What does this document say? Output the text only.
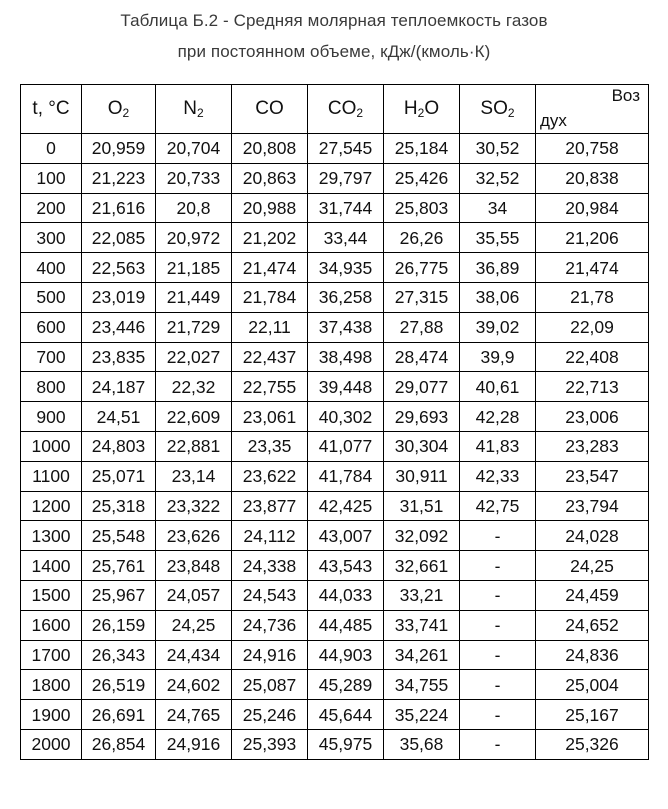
Таблица Б.2 - Средняя молярная теплоемкость газов
при постоянном объеме, кДж/(кмоль·К)
t, °C	$O_2$	$N_2$	CO	$CO_2$	$H_2O$	$SO_2$	Воз
дух

0	20,959	20,704	20,808	27,545	25,184	30,52	20,758
100	21,223	20,733	20,863	29,797	25,426	32,52	20,838
200	21,616	20,8	20,988	31,744	25,803	34	20,984
300	22,085	20,972	21,202	33,44	26,26	35,55	21,206
400	22,563	21,185	21,474	34,935	26,775	36,89	21,474
500	23,019	21,449	21,784	36,258	27,315	38,06	21,78
600	23,446	21,729	22,11	37,438	27,88	39,02	22,09
700	23,835	22,027	22,437	38,498	28,474	39,9	22,408
800	24,187	22,32	22,755	39,448	29,077	40,61	22,713
900	24,51	22,609	23,061	40,302	29,693	42,28	23,006
1000	24,803	22,881	23,35	41,077	30,304	41,83	23,283
1100	25,071	23,14	23,622	41,784	30,911	42,33	23,547
1200	25,318	23,322	23,877	42,425	31,51	42,75	23,794
1300	25,548	23,626	24,112	43,007	32,092	-	24,028
1400	25,761	23,848	24,338	43,543	32,661	-	24,25
1500	25,967	24,057	24,543	44,033	33,21	-	24,459
1600	26,159	24,25	24,736	44,485	33,741	-	24,652
1700	26,343	24,434	24,916	44,903	34,261	-	24,836
1800	26,519	24,602	25,087	45,289	34,755	-	25,004
1900	26,691	24,765	25,246	45,644	35,224	-	25,167
2000	26,854	24,916	25,393	45,975	35,68	-	25,326
